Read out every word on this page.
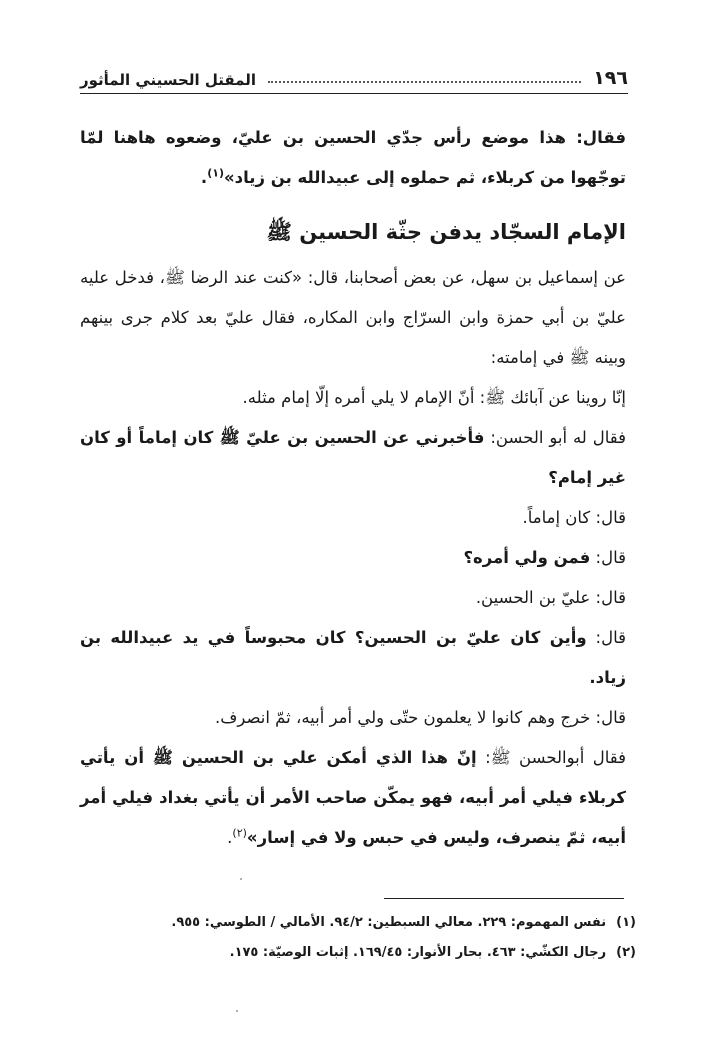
١٩٦
المقتل الحسيني المأثور

فقال: هذا موضع رأس جدّي الحسين بن عليّ، وضعوه هاهنا لمّا توجّهوا من كربلاء، ثم حملوه إلى عبيدالله بن زياد»$^{(١)}$.

الإمام السجّاد يدفن جثّة الحسين ﷺ

عن إسماعيل بن سهل، عن بعض أصحابنا، قال: «كنت عند الرضا ﷺ، فدخل عليه عليّ بن أبي حمزة وابن السرّاج وابن المكاره، فقال عليّ بعد كلام جرى بينهم وبينه ﷺ في إمامته:

إنّا روينا عن آبائك ﷺ: أنّ الإمام لا يلي أمره إلّا إمام مثله.

فقال له أبو الحسن: فأخبرني عن الحسين بن عليّ ﷺ كان إماماً أو كان غير إمام؟

قال: كان إماماً.

قال: فمن ولي أمره؟

قال: عليّ بن الحسين.

قال: وأين كان عليّ بن الحسين؟ كان محبوساً في يد عبيدالله بن زياد.

قال: خرج وهم كانوا لا يعلمون حتّى ولي أمر أبيه، ثمّ انصرف.

فقال أبوالحسن ﷺ: إنّ هذا الذي أمكن علي بن الحسين ﷺ أن يأتي كربلاء فيلي أمر أبيه، فهو يمكّن صاحب الأمر أن يأتي بغداد فيلي أمر أبيه، ثمّ ينصرف، وليس في حبس ولا في إسار»$^{(٢)}$.

(١)نفس المهموم: ٢٢٩. معالي السبطين: ٩٤/٢. الأمالي / الطوسي: ٩٥٥.

(٢)رجال الكشّي: ٤٦٣. بحار الأنوار: ١٦٩/٤٥. إثبات الوصيّة: ١٧٥.
